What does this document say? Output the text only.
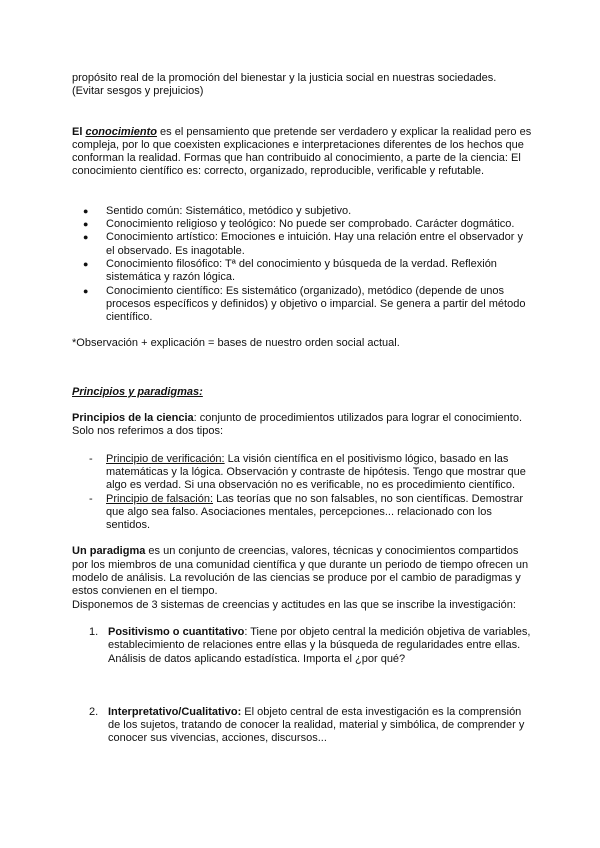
propósito real de la promoción del bienestar y la justicia social en nuestras sociedades.

(Evitar sesgos y prejuicios)

El conocimiento es el pensamiento que pretende ser verdadero y explicar la realidad pero es compleja, por lo que coexisten explicaciones e interpretaciones diferentes de los hechos que conforman la realidad. Formas que han contribuido al conocimiento, a parte de la ciencia: El conocimiento científico es: correcto, organizado, reproducible, verificable y refutable.

● Sentido común: Sistemático, metódico y subjetivo.
● Conocimiento religioso y teológico: No puede ser comprobado. Carácter dogmático.
● Conocimiento artístico: Emociones e intuición. Hay una relación entre el observador y el observado. Es inagotable.
● Conocimiento filosófico: Tª del conocimiento y búsqueda de la verdad. Reflexión sistemática y razón lógica.
● Conocimiento científico: Es sistemático (organizado), metódico (depende de unos procesos específicos y definidos) y objetivo o imparcial. Se genera a partir del método científico.

*Observación + explicación = bases de nuestro orden social actual.

Principios y paradigmas:

Principios de la ciencia: conjunto de procedimientos utilizados para lograr el conocimiento. Solo nos referimos a dos tipos:

- Principio de verificación: La visión científica en el positivismo lógico, basado en las matemáticas y la lógica. Observación y contraste de hipótesis. Tengo que mostrar que algo es verdad. Si una observación no es verificable, no es procedimiento científico.
- Principio de falsación: Las teorías que no son falsables, no son científicas. Demostrar que algo sea falso. Asociaciones mentales, percepciones... relacionado con los sentidos.

Un paradigma es un conjunto de creencias, valores, técnicas y conocimientos compartidos por los miembros de una comunidad científica y que durante un periodo de tiempo ofrecen un modelo de análisis. La revolución de las ciencias se produce por el cambio de paradigmas y estos convienen en el tiempo.

Disponemos de 3 sistemas de creencias y actitudes en las que se inscribe la investigación:

1. Positivismo o cuantitativo: Tiene por objeto central la medición objetiva de variables, establecimiento de relaciones entre ellas y la búsqueda de regularidades entre ellas. Análisis de datos aplicando estadística. Importa el ¿por qué?
2. Interpretativo/Cualitativo: El objeto central de esta investigación es la comprensión de los sujetos, tratando de conocer la realidad, material y simbólica, de comprender y conocer sus vivencias, acciones, discursos...
